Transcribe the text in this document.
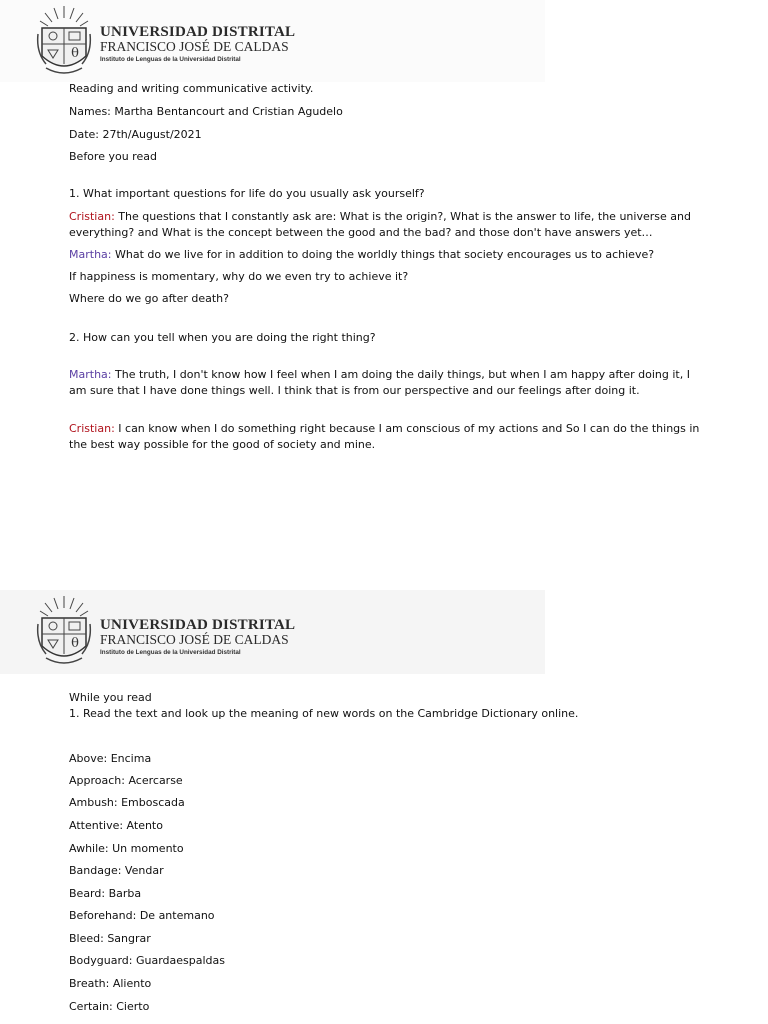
θ
UNIVERSIDAD DISTRITAL
FRANCISCO JOSÉ DE CALDAS
Instituto de Lenguas de la Universidad Distrital
Reading and writing communicative activity.
Names: Martha Bentancourt and Cristian Agudelo
Date: 27th/August/2021
Before you read
1. What important questions for life do you usually ask yourself?
Cristian: The questions that I constantly ask are: What is the origin?, What is the answer to life, the universe and everything? and What is the concept between the good and the bad? and those don't have answers yet…
Martha: What do we live for in addition to doing the worldly things that society encourages us to achieve?
If happiness is momentary, why do we even try to achieve it?
Where do we go after death?
2. How can you tell when you are doing the right thing?
Martha: The truth, I don't know how I feel when I am doing the daily things, but when I am happy after doing it, I am sure that I have done things well. I think that is from our perspective and our feelings after doing it.
Cristian: I can know when I do something right because I am conscious of my actions and So I can do the things in the best way possible for the good of society and mine.
θ
UNIVERSIDAD DISTRITAL
FRANCISCO JOSÉ DE CALDAS
Instituto de Lenguas de la Universidad Distrital
While you read
1. Read the text and look up the meaning of new words on the Cambridge Dictionary online.
Above: Encima
Approach: Acercarse
Ambush: Emboscada
Attentive: Atento
Awhile: Un momento
Bandage: Vendar
Beard: Barba
Beforehand: De antemano
Bleed: Sangrar
Bodyguard: Guardaespaldas
Breath: Aliento
Certain: Cierto
